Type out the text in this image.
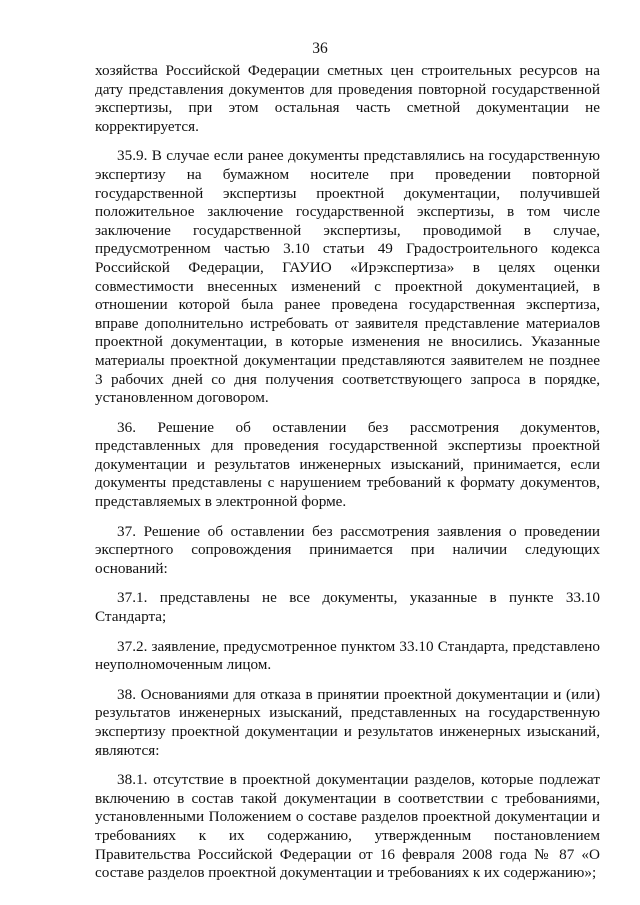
36

хозяйства Российской Федерации сметных цен строительных ресурсов на дату представления документов для проведения повторной государственной экспертизы, при этом остальная часть сметной документации не корректируется.

35.9. В случае если ранее документы представлялись на государственную экспертизу на бумажном носителе при проведении повторной государственной экспертизы проектной документации, получившей положительное заключение государственной экспертизы, в том числе заключение государственной экспертизы, проводимой в случае, предусмотренном частью 3.10 статьи 49 Градостроительного кодекса Российской Федерации, ГАУИО «Ирэкспертиза» в целях оценки совместимости внесенных изменений с проектной документацией, в отношении которой была ранее проведена государственная экспертиза, вправе дополнительно истребовать от заявителя представление материалов проектной документации, в которые изменения не вносились. Указанные материалы проектной документации представляются заявителем не позднее 3 рабочих дней со дня получения соответствующего запроса в порядке, установленном договором.

36. Решение об оставлении без рассмотрения документов, представленных для проведения государственной экспертизы проектной документации и результатов инженерных изысканий, принимается, если документы представлены с нарушением требований к формату документов, представляемых в электронной форме.

37. Решение об оставлении без рассмотрения заявления о проведении экспертного сопровождения принимается при наличии следующих оснований:

37.1. представлены не все документы, указанные в пункте 33.10 Стандарта;

37.2. заявление, предусмотренное пунктом 33.10 Стандарта, представлено неуполномоченным лицом.

38. Основаниями для отказа в принятии проектной документации и (или) результатов инженерных изысканий, представленных на государственную экспертизу проектной документации и результатов инженерных изысканий, являются:

38.1. отсутствие в проектной документации разделов, которые подлежат включению в состав такой документации в соответствии с требованиями, установленными Положением о составе разделов проектной документации и требованиях к их содержанию, утвержденным постановлением Правительства Российской Федерации от 16 февраля 2008 года № 87 «О составе разделов проектной документации и требованиях к их содержанию»;
